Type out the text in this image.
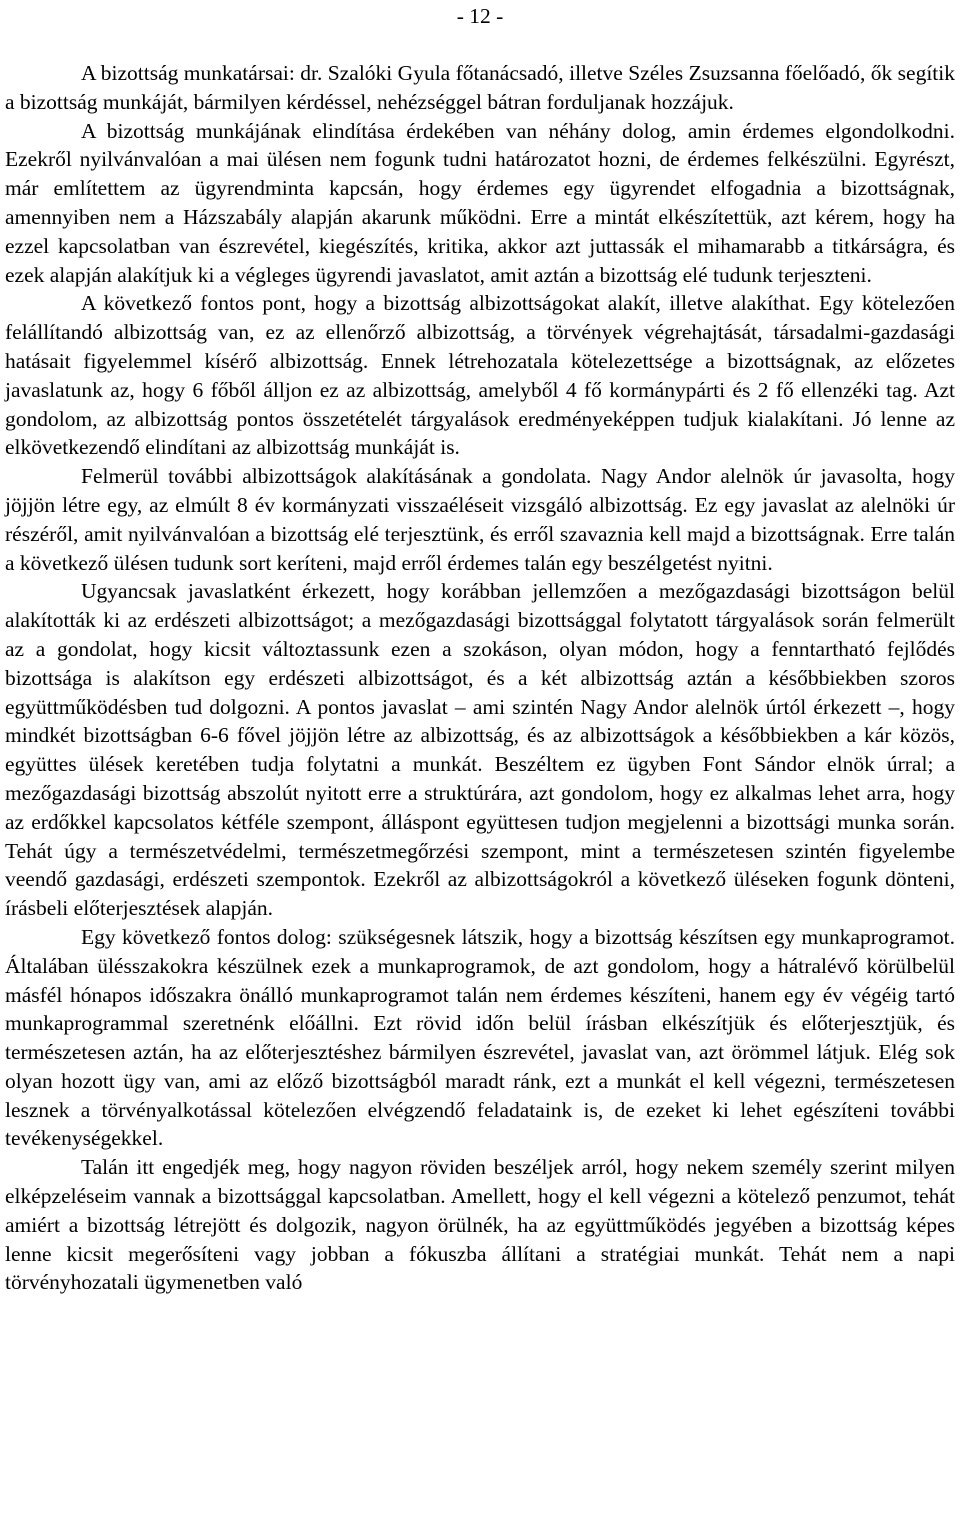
- 12 -

A bizottság munkatársai: dr. Szalóki Gyula főtanácsadó, illetve Széles Zsuzsanna főelőadó, ők segítik a bizottság munkáját, bármilyen kérdéssel, nehézséggel bátran forduljanak hozzájuk.

A bizottság munkájának elindítása érdekében van néhány dolog, amin érdemes elgondolkodni. Ezekről nyilvánvalóan a mai ülésen nem fogunk tudni határozatot hozni, de érdemes felkészülni. Egyrészt, már említettem az ügyrendminta kapcsán, hogy érdemes egy ügyrendet elfogadnia a bizottságnak, amennyiben nem a Házszabály alapján akarunk működni. Erre a mintát elkészítettük, azt kérem, hogy ha ezzel kapcsolatban van észrevétel, kiegészítés, kritika, akkor azt juttassák el mihamarabb a titkárságra, és ezek alapján alakítjuk ki a végleges ügyrendi javaslatot, amit aztán a bizottság elé tudunk terjeszteni.

A következő fontos pont, hogy a bizottság albizottságokat alakít, illetve alakíthat. Egy kötelezően felállítandó albizottság van, ez az ellenőrző albizottság, a törvények végrehajtását, társadalmi-gazdasági hatásait figyelemmel kísérő albizottság. Ennek létrehozatala kötelezettsége a bizottságnak, az előzetes javaslatunk az, hogy 6 főből álljon ez az albizottság, amelyből 4 fő kormánypárti és 2 fő ellenzéki tag. Azt gondolom, az albizottság pontos összetételét tárgyalások eredményeképpen tudjuk kialakítani. Jó lenne az elkövetkezendő elindítani az albizottság munkáját is.

Felmerül további albizottságok alakításának a gondolata. Nagy Andor alelnök úr javasolta, hogy jöjjön létre egy, az elmúlt 8 év kormányzati visszaéléseit vizsgáló albizottság. Ez egy javaslat az alelnöki úr részéről, amit nyilvánvalóan a bizottság elé terjesztünk, és erről szavaznia kell majd a bizottságnak. Erre talán a következő ülésen tudunk sort keríteni, majd erről érdemes talán egy beszélgetést nyitni.

Ugyancsak javaslatként érkezett, hogy korábban jellemzően a mezőgazdasági bizottságon belül alakították ki az erdészeti albizottságot; a mezőgazdasági bizottsággal folytatott tárgyalások során felmerült az a gondolat, hogy kicsit változtassunk ezen a szokáson, olyan módon, hogy a fenntartható fejlődés bizottsága is alakítson egy erdészeti albizottságot, és a két albizottság aztán a későbbiekben szoros együttműködésben tud dolgozni. A pontos javaslat – ami szintén Nagy Andor alelnök úrtól érkezett –, hogy mindkét bizottságban 6-6 fővel jöjjön létre az albizottság, és az albizottságok a későbbiekben a kár közös, együttes ülések keretében tudja folytatni a munkát. Beszéltem ez ügyben Font Sándor elnök úrral; a mezőgazdasági bizottság abszolút nyitott erre a struktúrára, azt gondolom, hogy ez alkalmas lehet arra, hogy az erdőkkel kapcsolatos kétféle szempont, álláspont együttesen tudjon megjelenni a bizottsági munka során. Tehát úgy a természetvédelmi, természetmegőrzési szempont, mint a természetesen szintén figyelembe veendő gazdasági, erdészeti szempontok. Ezekről az albizottságokról a következő üléseken fogunk dönteni, írásbeli előterjesztések alapján.

Egy következő fontos dolog: szükségesnek látszik, hogy a bizottság készítsen egy munkaprogramot. Általában ülésszakokra készülnek ezek a munkaprogramok, de azt gondolom, hogy a hátralévő körülbelül másfél hónapos időszakra önálló munkaprogramot talán nem érdemes készíteni, hanem egy év végéig tartó munkaprogrammal szeretnénk előállni. Ezt rövid időn belül írásban elkészítjük és előterjesztjük, és természetesen aztán, ha az előterjesztéshez bármilyen észrevétel, javaslat van, azt örömmel látjuk. Elég sok olyan hozott ügy van, ami az előző bizottságból maradt ránk, ezt a munkát el kell végezni, természetesen lesznek a törvényalkotással kötelezően elvégzendő feladataink is, de ezeket ki lehet egészíteni további tevékenységekkel.

Talán itt engedjék meg, hogy nagyon röviden beszéljek arról, hogy nekem személy szerint milyen elképzeléseim vannak a bizottsággal kapcsolatban. Amellett, hogy el kell végezni a kötelező penzumot, tehát amiért a bizottság létrejött és dolgozik, nagyon örülnék, ha az együttműködés jegyében a bizottság képes lenne kicsit megerősíteni vagy jobban a fókuszba állítani a stratégiai munkát. Tehát nem a napi törvényhozatali ügymenetben való
